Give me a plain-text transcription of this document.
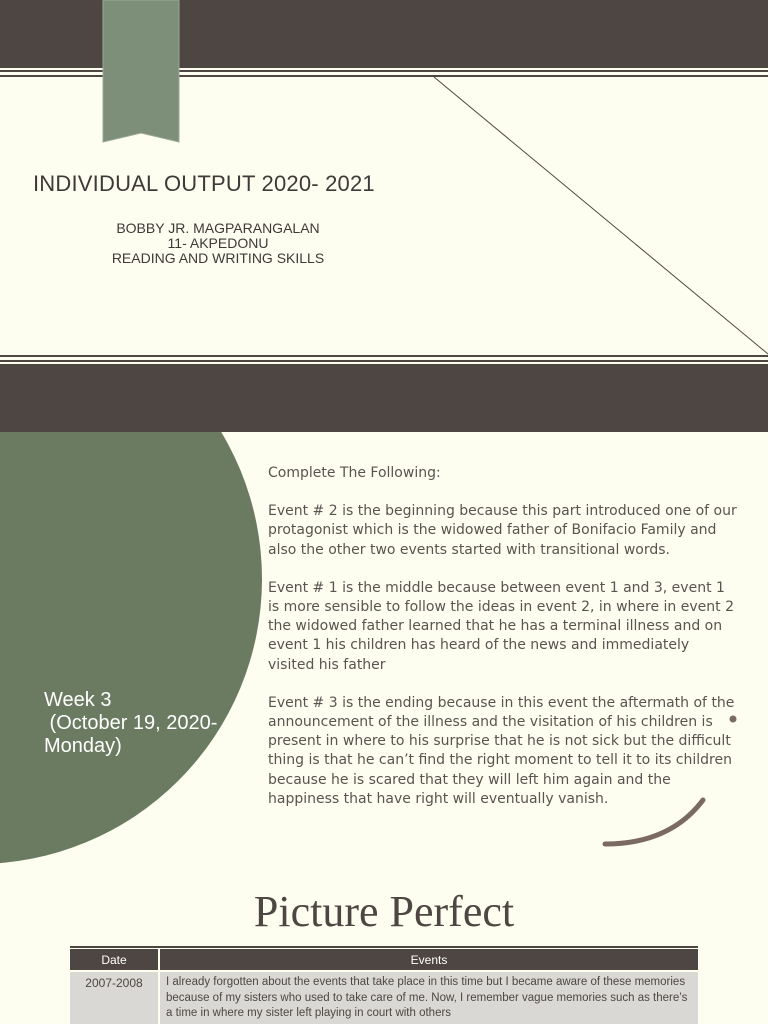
INDIVIDUAL OUTPUT 2020- 2021
BOBBY JR. MAGPARANGALAN
11- AKPEDONU
READING AND WRITING SKILLS
Week 3
(October 19, 2020-
Monday)

Complete The Following:

Event # 2 is the beginning because this part introduced one of our protagonist which is the widowed father of Bonifacio Family and also the other two events started with transitional words.

Event # 1 is the middle because between event 1 and 3, event 1 is more sensible to follow the ideas in event 2, in where in event 2 the widowed father learned that he has a terminal illness and on event 1 his children has heard of the news and immediately visited his father

Event # 3 is the ending because in this event the aftermath of the announcement of the illness and the visitation of his children is present in where to his surprise that he is not sick but the difficult thing is that he can’t find the right moment to tell it to its children because he is scared that they will left him again and the happiness that have right will eventually vanish.

Picture Perfect
Date	Events
2007-2008	I already forgotten about the events that take place in this time but I became aware of these memories because of my sisters who used to take care of me. Now, I remember vague memories such as there’s a time in where my sister left playing in court with others
